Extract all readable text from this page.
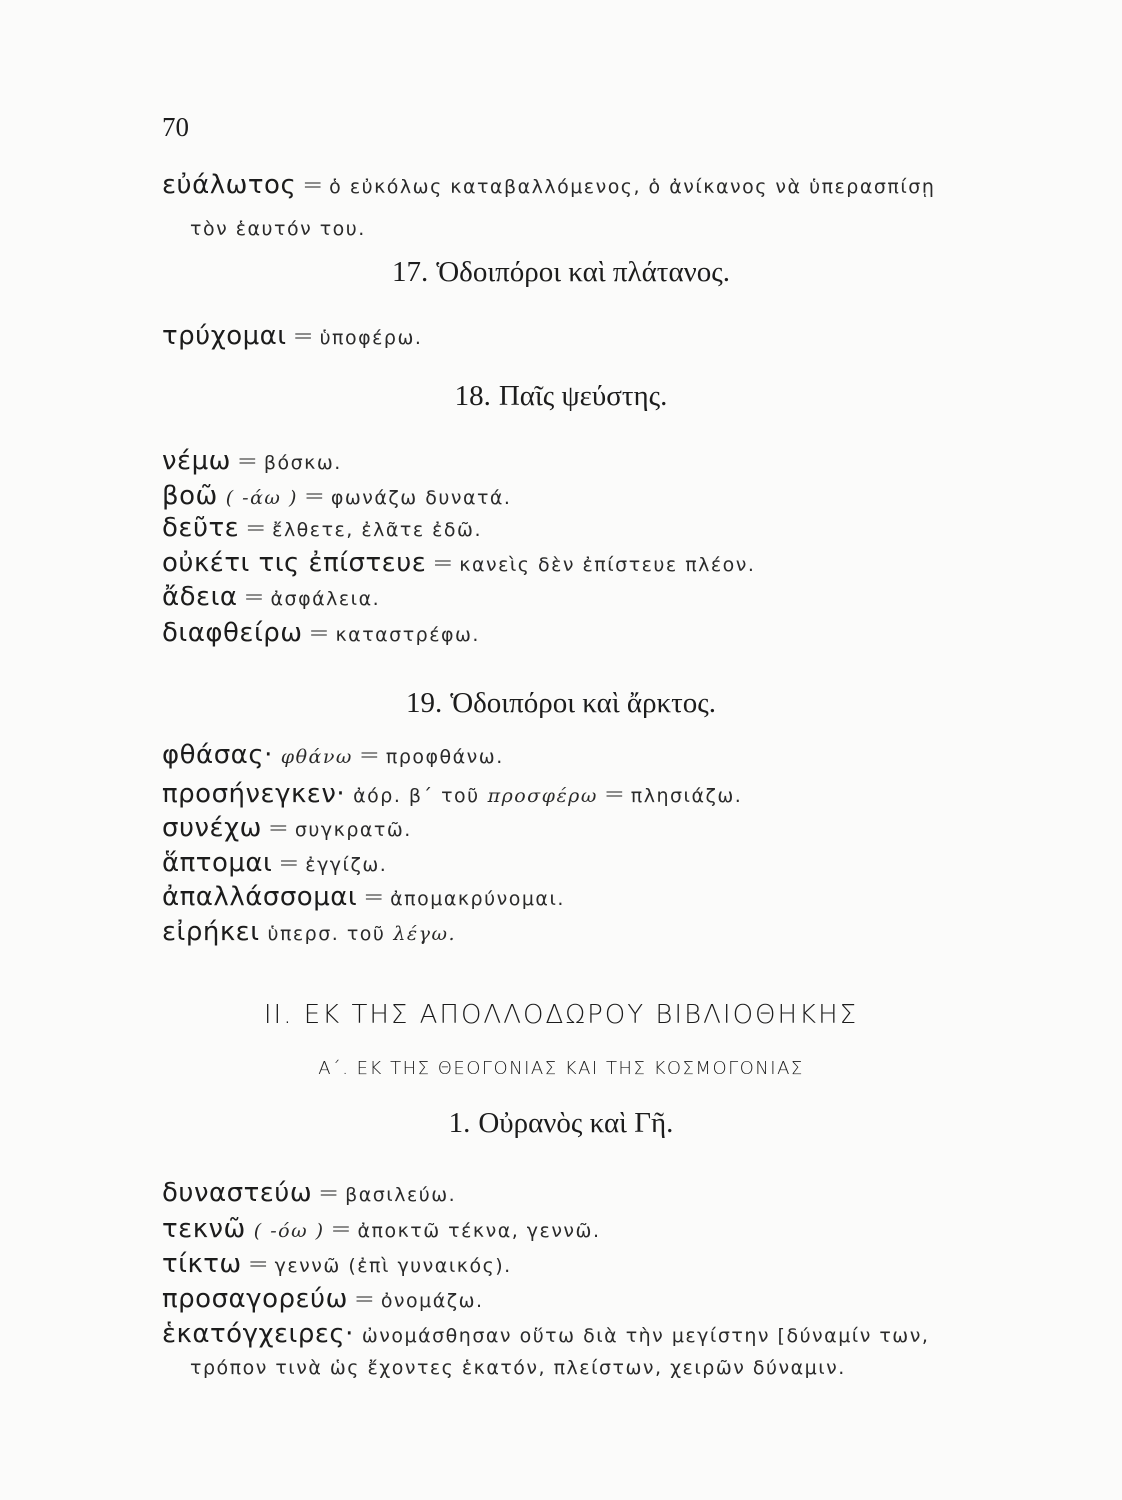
70
εὐάλωτος = ὁ εὐκόλως καταβαλλόμενος, ὁ ἀνίκανος νὰ ὑπερασπίσῃ
τὸν ἑαυτόν του.
17. Ὁδοιπόροι καὶ πλάτανος.
τρύχομαι = ὑποφέρω.
18. Παῖς ψεύστης.
νέμω = βόσκω.
βοῶ ( -άω ) = φωνάζω δυνατά.
δεῦτε = ἔλθετε, ἐλᾶτε ἐδῶ.
οὐκέτι τις ἐπίστευε = κανεὶς δὲν ἐπίστευε πλέον.
ἄδεια = ἀσφάλεια.
διαφθείρω = καταστρέφω.
19. Ὁδοιπόροι καὶ ἄρκτος.
φθάσας· φθάνω = προφθάνω.
προσήνεγκεν· ἀόρ. β΄ τοῦ προσφέρω = πλησιάζω.
συνέχω = συγκρατῶ.
ἅπτομαι = ἐγγίζω.
ἀπαλλάσσομαι = ἀπομακρύνομαι.
εἰρήκει ὑπερσ. τοῦ λέγω.
II. ΕΚ ΤΗΣ ΑΠΟΛΛΟΔΩΡΟΥ ΒΙΒΛΙΟΘΗΚΗΣ
Α΄. ΕΚ ΤΗΣ ΘΕΟΓΟΝΙΑΣ ΚΑΙ ΤΗΣ ΚΟΣΜΟΓΟΝΙΑΣ
1. Οὐρανὸς καὶ Γῆ.
δυναστεύω = βασιλεύω.
τεκνῶ ( -όω ) = ἀποκτῶ τέκνα, γεννῶ.
τίκτω = γεννῶ (ἐπὶ γυναικός).
προσαγορεύω = ὀνομάζω.
ἑκατόγχειρες· ὠνομάσθησαν οὕτω διὰ τὴν μεγίστην [δύναμίν των,
τρόπον τινὰ ὡς ἔχοντες ἑκατόν, πλείστων, χειρῶν δύναμιν.
